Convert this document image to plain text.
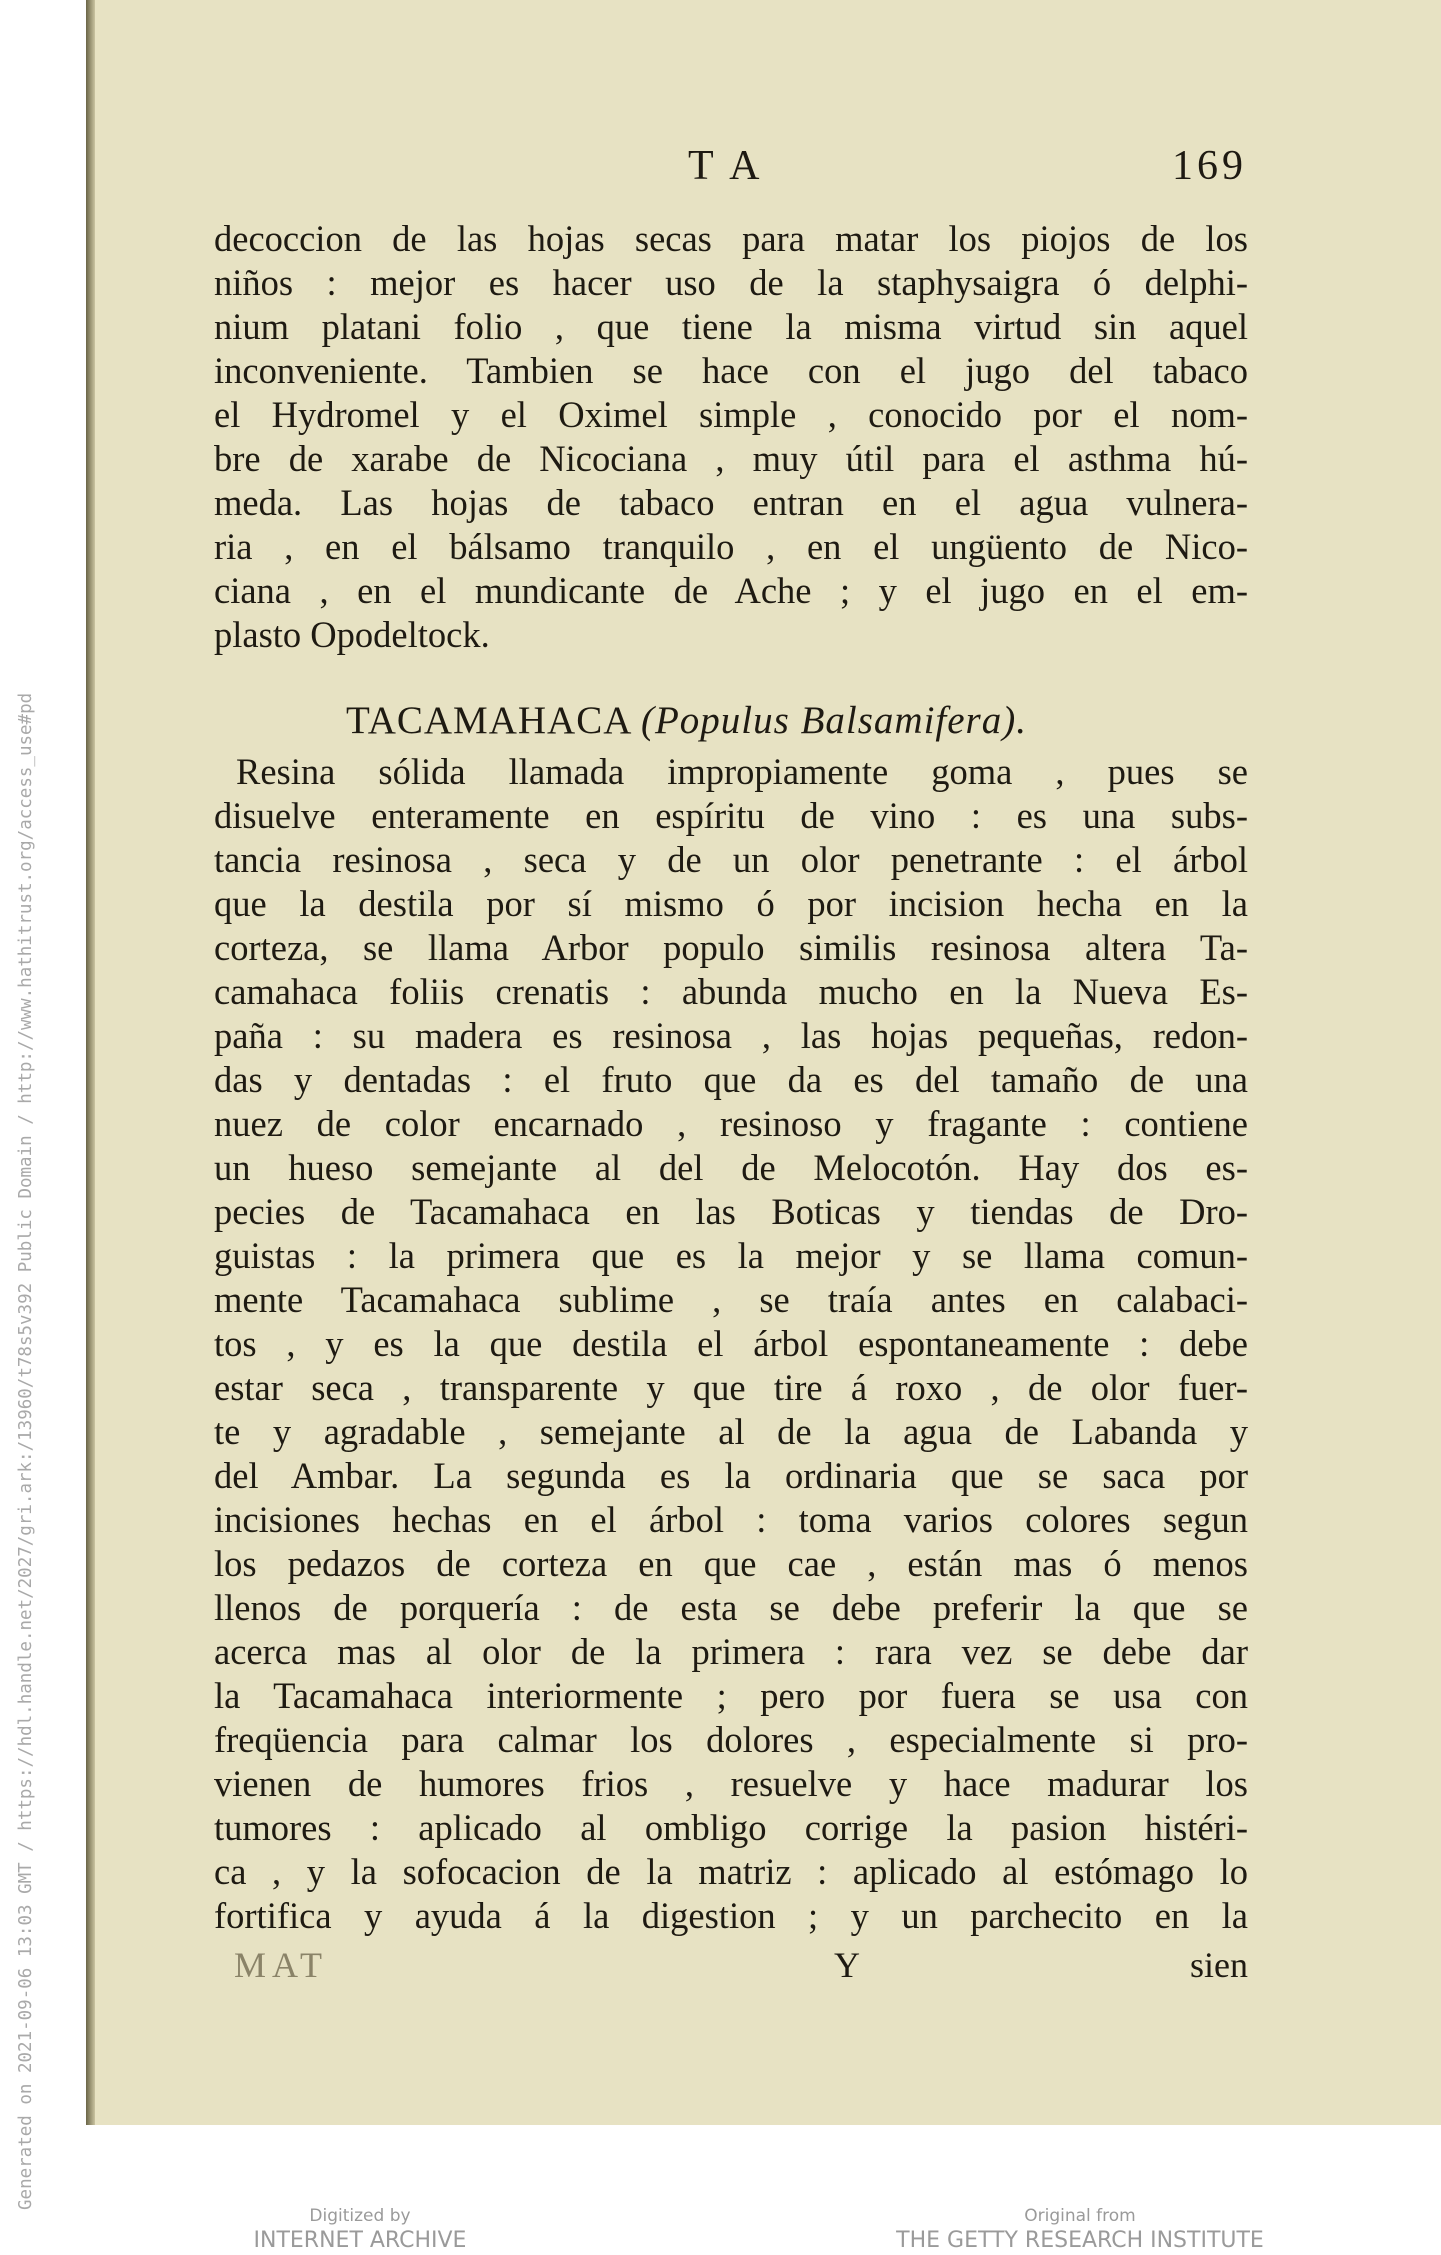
Generated on 2021-09-06 13:03 GMT / https://hdl.handle.net/2027/gri.ark:/13960/t78s5v392 Public Domain / http://www.hathitrust.org/access_use#pd
T A	169
decoccion de las hojas secas para matar los piojos de los
niños : mejor es hacer uso de la staphysaigra ó delphi-
nium platani folio , que tiene la misma virtud sin aquel
inconveniente. Tambien se hace con el jugo del tabaco
el Hydromel y el Oximel simple , conocido por el nom-
bre de xarabe de Nicociana , muy útil para el asthma hú-
meda. Las hojas de tabaco entran en el agua vulnera-
ria , en el bálsamo tranquilo , en el ungüento de Nico-
ciana , en el mundicante de Ache ; y el jugo en el em-
plasto Opodeltock.
TACAMAHACA (Populus Balsamifera).
Resina sólida llamada impropiamente goma , pues se
disuelve enteramente en espíritu de vino : es una subs-
tancia resinosa , seca y de un olor penetrante : el árbol
que la destila por sí mismo ó por incision hecha en la
corteza, se llama Arbor populo similis resinosa altera Ta-
camahaca foliis crenatis : abunda mucho en la Nueva Es-
paña : su madera es resinosa , las hojas pequeñas, redon-
das y dentadas : el fruto que da es del tamaño de una
nuez de color encarnado , resinoso y fragante : contiene
un hueso semejante al del de Melocotón. Hay dos es-
pecies de Tacamahaca en las Boticas y tiendas de Dro-
guistas : la primera que es la mejor y se llama comun-
mente Tacamahaca sublime , se traía antes en calabaci-
tos , y es la que destila el árbol espontaneamente : debe
estar seca , transparente y que tire á roxo , de olor fuer-
te y agradable , semejante al de la agua de Labanda y
del Ambar. La segunda es la ordinaria que se saca por
incisiones hechas en el árbol : toma varios colores segun
los pedazos de corteza en que cae , están mas ó menos
llenos de porquería : de esta se debe preferir la que se
acerca mas al olor de la primera : rara vez se debe dar
la Tacamahaca interiormente ; pero por fuera se usa con
freqüencia para calmar los dolores , especialmente si pro-
vienen de humores frios , resuelve y hace madurar los
tumores : aplicado al ombligo corrige la pasion histéri-
ca , y la sofocacion de la matriz : aplicado al estómago lo
fortifica y ayuda á la digestion ; y un parchecito en la
MAT	Y	sien
Digitized by
INTERNET ARCHIVE
Original from
THE GETTY RESEARCH INSTITUTE
